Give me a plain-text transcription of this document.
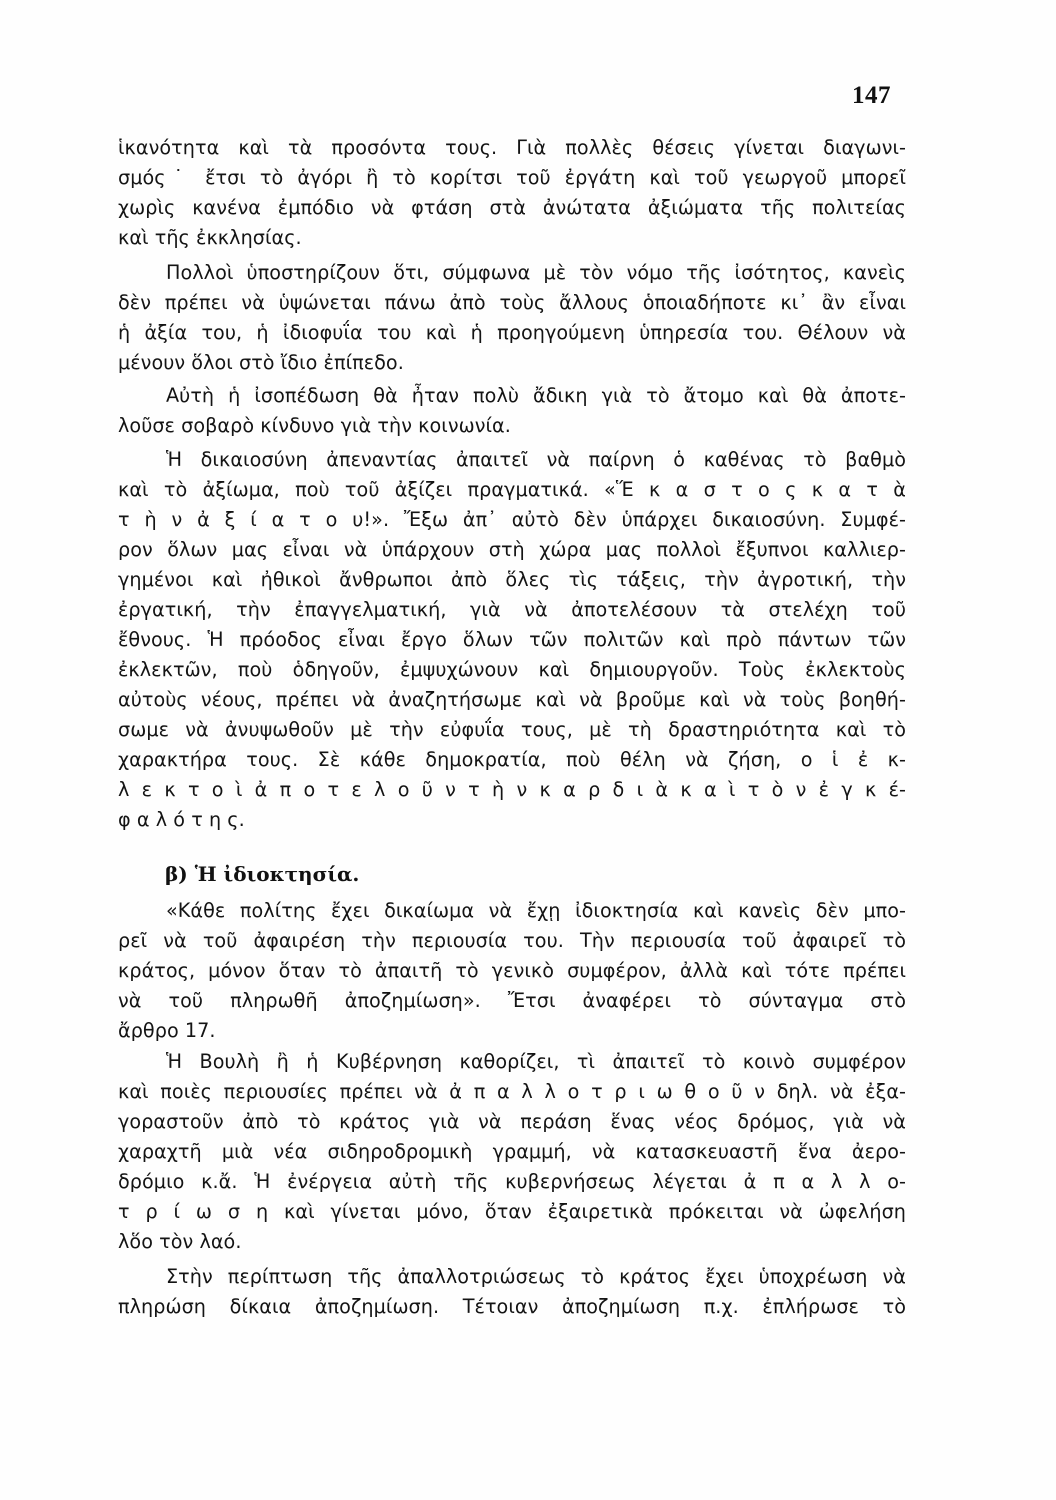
147
ἱκανότητα καὶ τὰ προσόντα τους. Γιὰ πολλὲς θέσεις γίνεται διαγωνι-
σμός˙ ἔτσι τὸ ἀγόρι ἢ τὸ κορίτσι τοῦ ἐργάτη καὶ τοῦ γεωργοῦ μπορεῖ
χωρὶς κανένα ἐμπόδιο νὰ φτάση στὰ ἀνώτατα ἀξιώματα τῆς πολιτείας
καὶ τῆς ἐκκλησίας.
Πολλοὶ ὑποστηρίζουν ὅτι, σύμφωνα μὲ τὸν νόμο τῆς ἰσότητος, κανεὶς
δὲν πρέπει νὰ ὑψώνεται πάνω ἀπὸ τοὺς ἄλλους ὁποιαδήποτε κι᾿ ἂν εἶναι
ἡ ἀξία του, ἡ ἰδιοφυΐα του καὶ ἡ προηγούμενη ὑπηρεσία του. Θέλουν νὰ
μένουν ὅλοι στὸ ἴδιο ἐπίπεδο.
Αὐτὴ ἡ ἰσοπέδωση θὰ ἦταν πολὺ ἄδικη γιὰ τὸ ἄτομο καὶ θὰ ἀποτε-
λοῦσε σοβαρὸ κίνδυνο γιὰ τὴν κοινωνία.
Ἡ δικαιοσύνη ἀπεναντίας ἀπαιτεῖ νὰ παίρνη ὁ καθένας τὸ βαθμὸ
καὶ τὸ ἀξίωμα, ποὺ τοῦ ἀξίζει πραγματικά. «Ἕ κ α σ τ ο ς κ α τ ὰ
τ ὴ ν ἀ ξ ί α τ ο υ!». Ἔξω ἀπ᾿ αὐτὸ δὲν ὑπάρχει δικαιοσύνη. Συμφέ-
ρον ὅλων μας εἶναι νὰ ὑπάρχουν στὴ χώρα μας πολλοὶ ἔξυπνοι καλλιερ-
γημένοι καὶ ἠθικοὶ ἄνθρωποι ἀπὸ ὅλες τὶς τάξεις, τὴν ἀγροτική, τὴν
ἐργατική, τὴν ἐπαγγελματική, γιὰ νὰ ἀποτελέσουν τὰ στελέχη τοῦ
ἔθνους. Ἡ πρόοδος εἶναι ἔργο ὅλων τῶν πολιτῶν καὶ πρὸ πάντων τῶν
ἐκλεκτῶν, ποὺ ὁδηγοῦν, ἐμψυχώνουν καὶ δημιουργοῦν. Τοὺς ἐκλεκτοὺς
αὐτοὺς νέους, πρέπει νὰ ἀναζητήσωμε καὶ νὰ βροῦμε καὶ νὰ τοὺς βοηθή-
σωμε νὰ ἀνυψωθοῦν μὲ τὴν εὐφυΐα τους, μὲ τὴ δραστηριότητα καὶ τὸ
χαρακτήρα τους. Σὲ κάθε δημοκρατία, ποὺ θέλη νὰ ζήση, ο ἱ ἐ κ-
λ ε κ τ ο ὶ ἀ π ο τ ε λ ο ῦ ν τ ὴ ν κ α ρ δ ι ὰ κ α ὶ τ ὸ ν ἐ γ κ έ-
φ α λ ό τ η ς.
β) Ἡ ἰδιοκτησία.
«Κάθε πολίτης ἔχει δικαίωμα νὰ ἔχῃ ἰδιοκτησία καὶ κανεὶς δὲν μπο-
ρεῖ νὰ τοῦ ἀφαιρέση τὴν περιουσία του. Τὴν περιουσία τοῦ ἀφαιρεῖ τὸ
κράτος, μόνον ὅταν τὸ ἀπαιτῆ τὸ γενικὸ συμφέρον, ἀλλὰ καὶ τότε πρέπει
νὰ τοῦ πληρωθῆ ἀποζημίωση». Ἔτσι ἀναφέρει τὸ σύνταγμα στὸ
ἄρθρο 17.
Ἡ Βουλὴ ἢ ἡ Κυβέρνηση καθορίζει, τὶ ἀπαιτεῖ τὸ κοινὸ συμφέρον
καὶ ποιὲς περιουσίες πρέπει νὰ ἀ π α λ λ ο τ ρ ι ω θ ο ῦ ν δηλ. νὰ ἐξα-
γοραστοῦν ἀπὸ τὸ κράτος γιὰ νὰ περάση ἕνας νέος δρόμος, γιὰ νὰ
χαραχτῆ μιὰ νέα σιδηροδρομικὴ γραμμή, νὰ κατασκευαστῆ ἕνα ἀερο-
δρόμιο κ.ἄ. Ἡ ἐνέργεια αὐτὴ τῆς κυβερνήσεως λέγεται ἀ π α λ λ ο-
τ ρ ί ω σ η καὶ γίνεται μόνο, ὅταν ἐξαιρετικὰ πρόκειται νὰ ὠφελήση
λὅο τὸν λαό.
Στὴν περίπτωση τῆς ἀπαλλοτριώσεως τὸ κράτος ἔχει ὑποχρέωση νὰ
πληρώση δίκαια ἀποζημίωση. Τέτοιαν ἀποζημίωση π.χ. ἐπλήρωσε τὸ
